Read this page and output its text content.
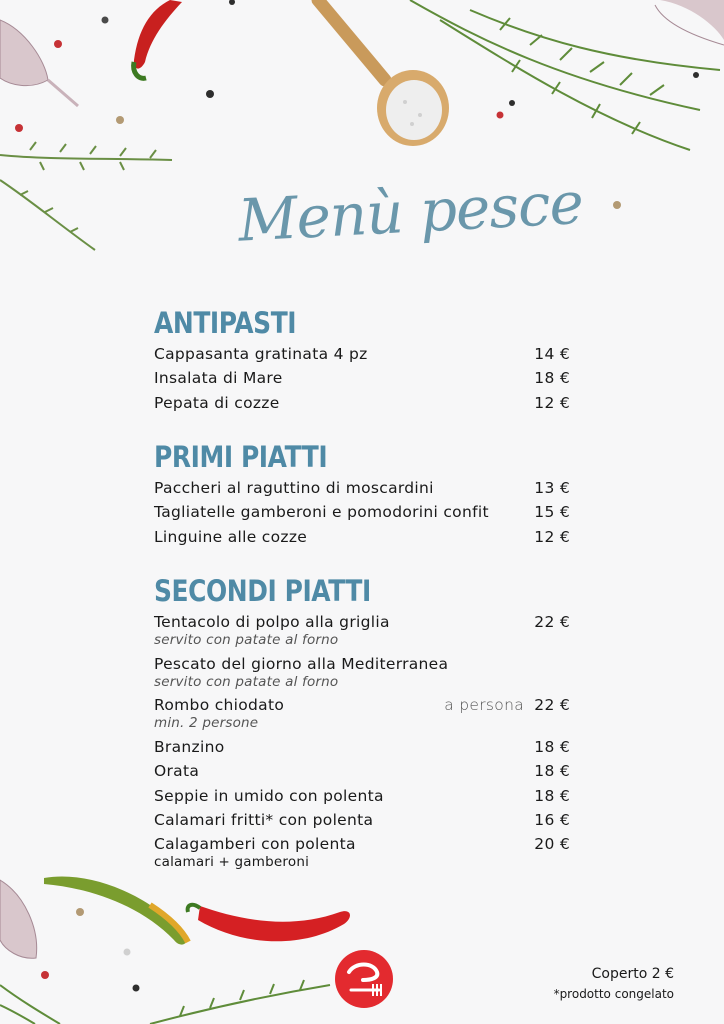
Menù pesce
ANTIPASTI
Cappasanta gratinata 4 pz	14 €
Insalata di Mare	18 €
Pepata di cozze	12 €
PRIMI PIATTI
Paccheri al raguttino di moscardini	13 €
Tagliatelle gamberoni e pomodorini confit	15 €
Linguine alle cozze	12 €
SECONDI PIATTI
Tentacolo di polpo alla griglia	22 €
servito con patate al forno
Pescato del giorno alla Mediterranea
servito con patate al forno
Rombo chiodato	a persona 22 €
min. 2 persone
Branzino	18 €
Orata	18 €
Seppie in umido con polenta	18 €
Calamari fritti* con polenta	16 €
Calagamberi con polenta	20 €
calamari + gamberoni
Coperto 2 €
*prodotto congelato
